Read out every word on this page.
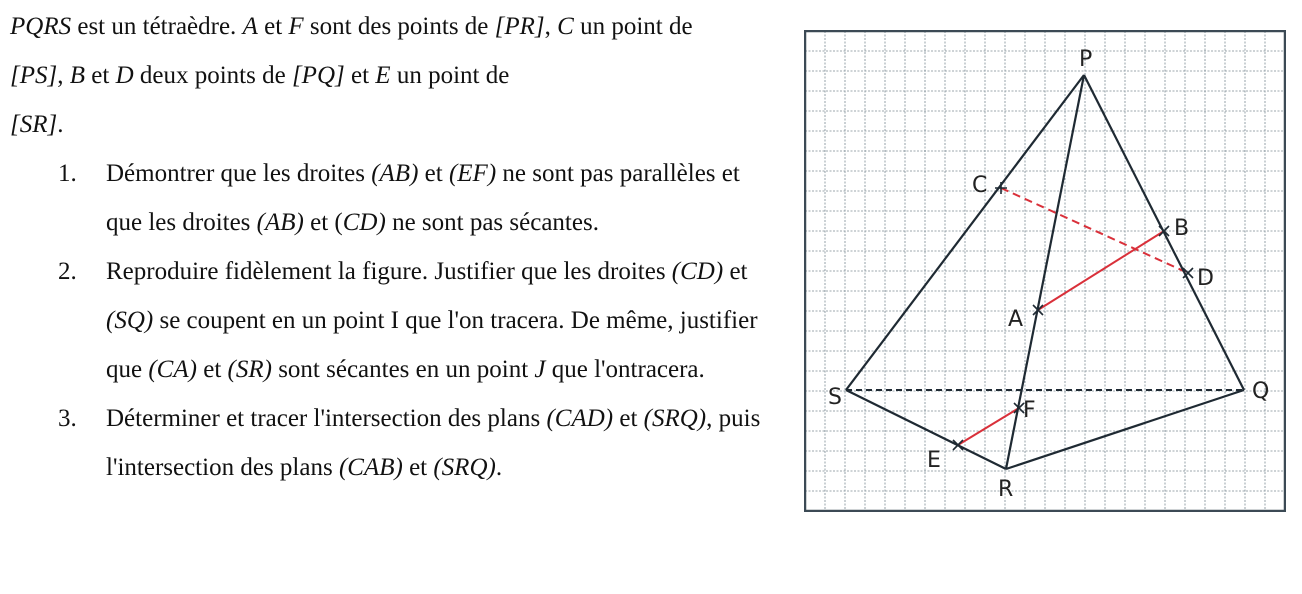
PQRS est un tétraèdre. A et F sont des points de [PR], C un point de
[PS], B et D deux points de [PQ] et E un point de
[SR].

1. Démontrer que les droites (AB) et (EF) ne sont pas parallèles et que les droites (AB) et (CD) ne sont pas sécantes.
2. Reproduire fidèlement la figure. Justifier que les droites (CD) et (SQ) se coupent en un point I que l'on tracera. De même, justifier que (CA) et (SR) sont sécantes en un point J que l'ontracera.
3. Déterminer et tracer l'intersection des plans (CAD) et (SRQ), puis l'intersection des plans (CAB) et (SRQ).
P
Q
R
S
A
B
C
D
E
F
